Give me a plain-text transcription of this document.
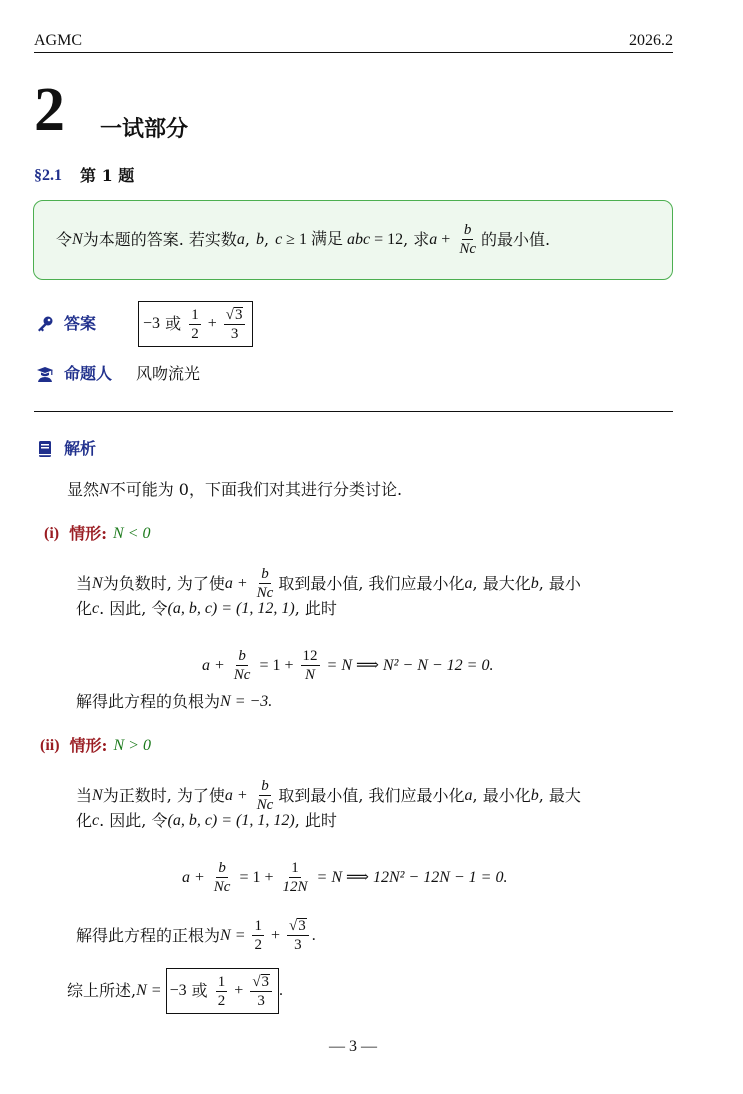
AGMC	2026.2
2 一试部分
§2.1 第 1 题
令 N 为本题的答案. 若实数 a , b , c ≥ 1 满足 abc = 12 , 求 $a + \frac{b}{Nc}$ 的最小值.
答案	−3 或 $\frac{1}{2} + \frac{√ 3}{3}$
命题人 风吻流光
解析
显然 N 不可能为 0，下面我们对其进行分类讨论.
(i) 情形: N < 0
当 N 为负数时, 为了使 $a + \frac{b}{Nc}$ 取到最小值, 我们应最小化 a , 最大化 b , 最小
化 c . 因此, 令 (a, b, c) = (1, 12, 1) , 此时
$a + \frac{b}{Nc} = 1 + \frac{12}{N} = N$ ⟹ N² − N − 12 = 0.
解得此方程的负根为 N = −3.
(ii) 情形: N > 0
当 N 为正数时, 为了使 $a + \frac{b}{Nc}$ 取到最小值, 我们应最小化 a , 最小化 b , 最大
化 c . 因此, 令 (a, b, c) = (1, 1, 12) , 此时
$a + \frac{b}{Nc} = 1 + \frac{1}{12N} = N$ ⟹ 12N² − 12N − 1 = 0.
解得此方程的正根为 $N = \frac{1}{2} + \frac{√ 3}{3}$ .
综上所述, N = −3 或 $\frac{1}{2} + \frac{√ 3}{3}$ .
— 3 —
